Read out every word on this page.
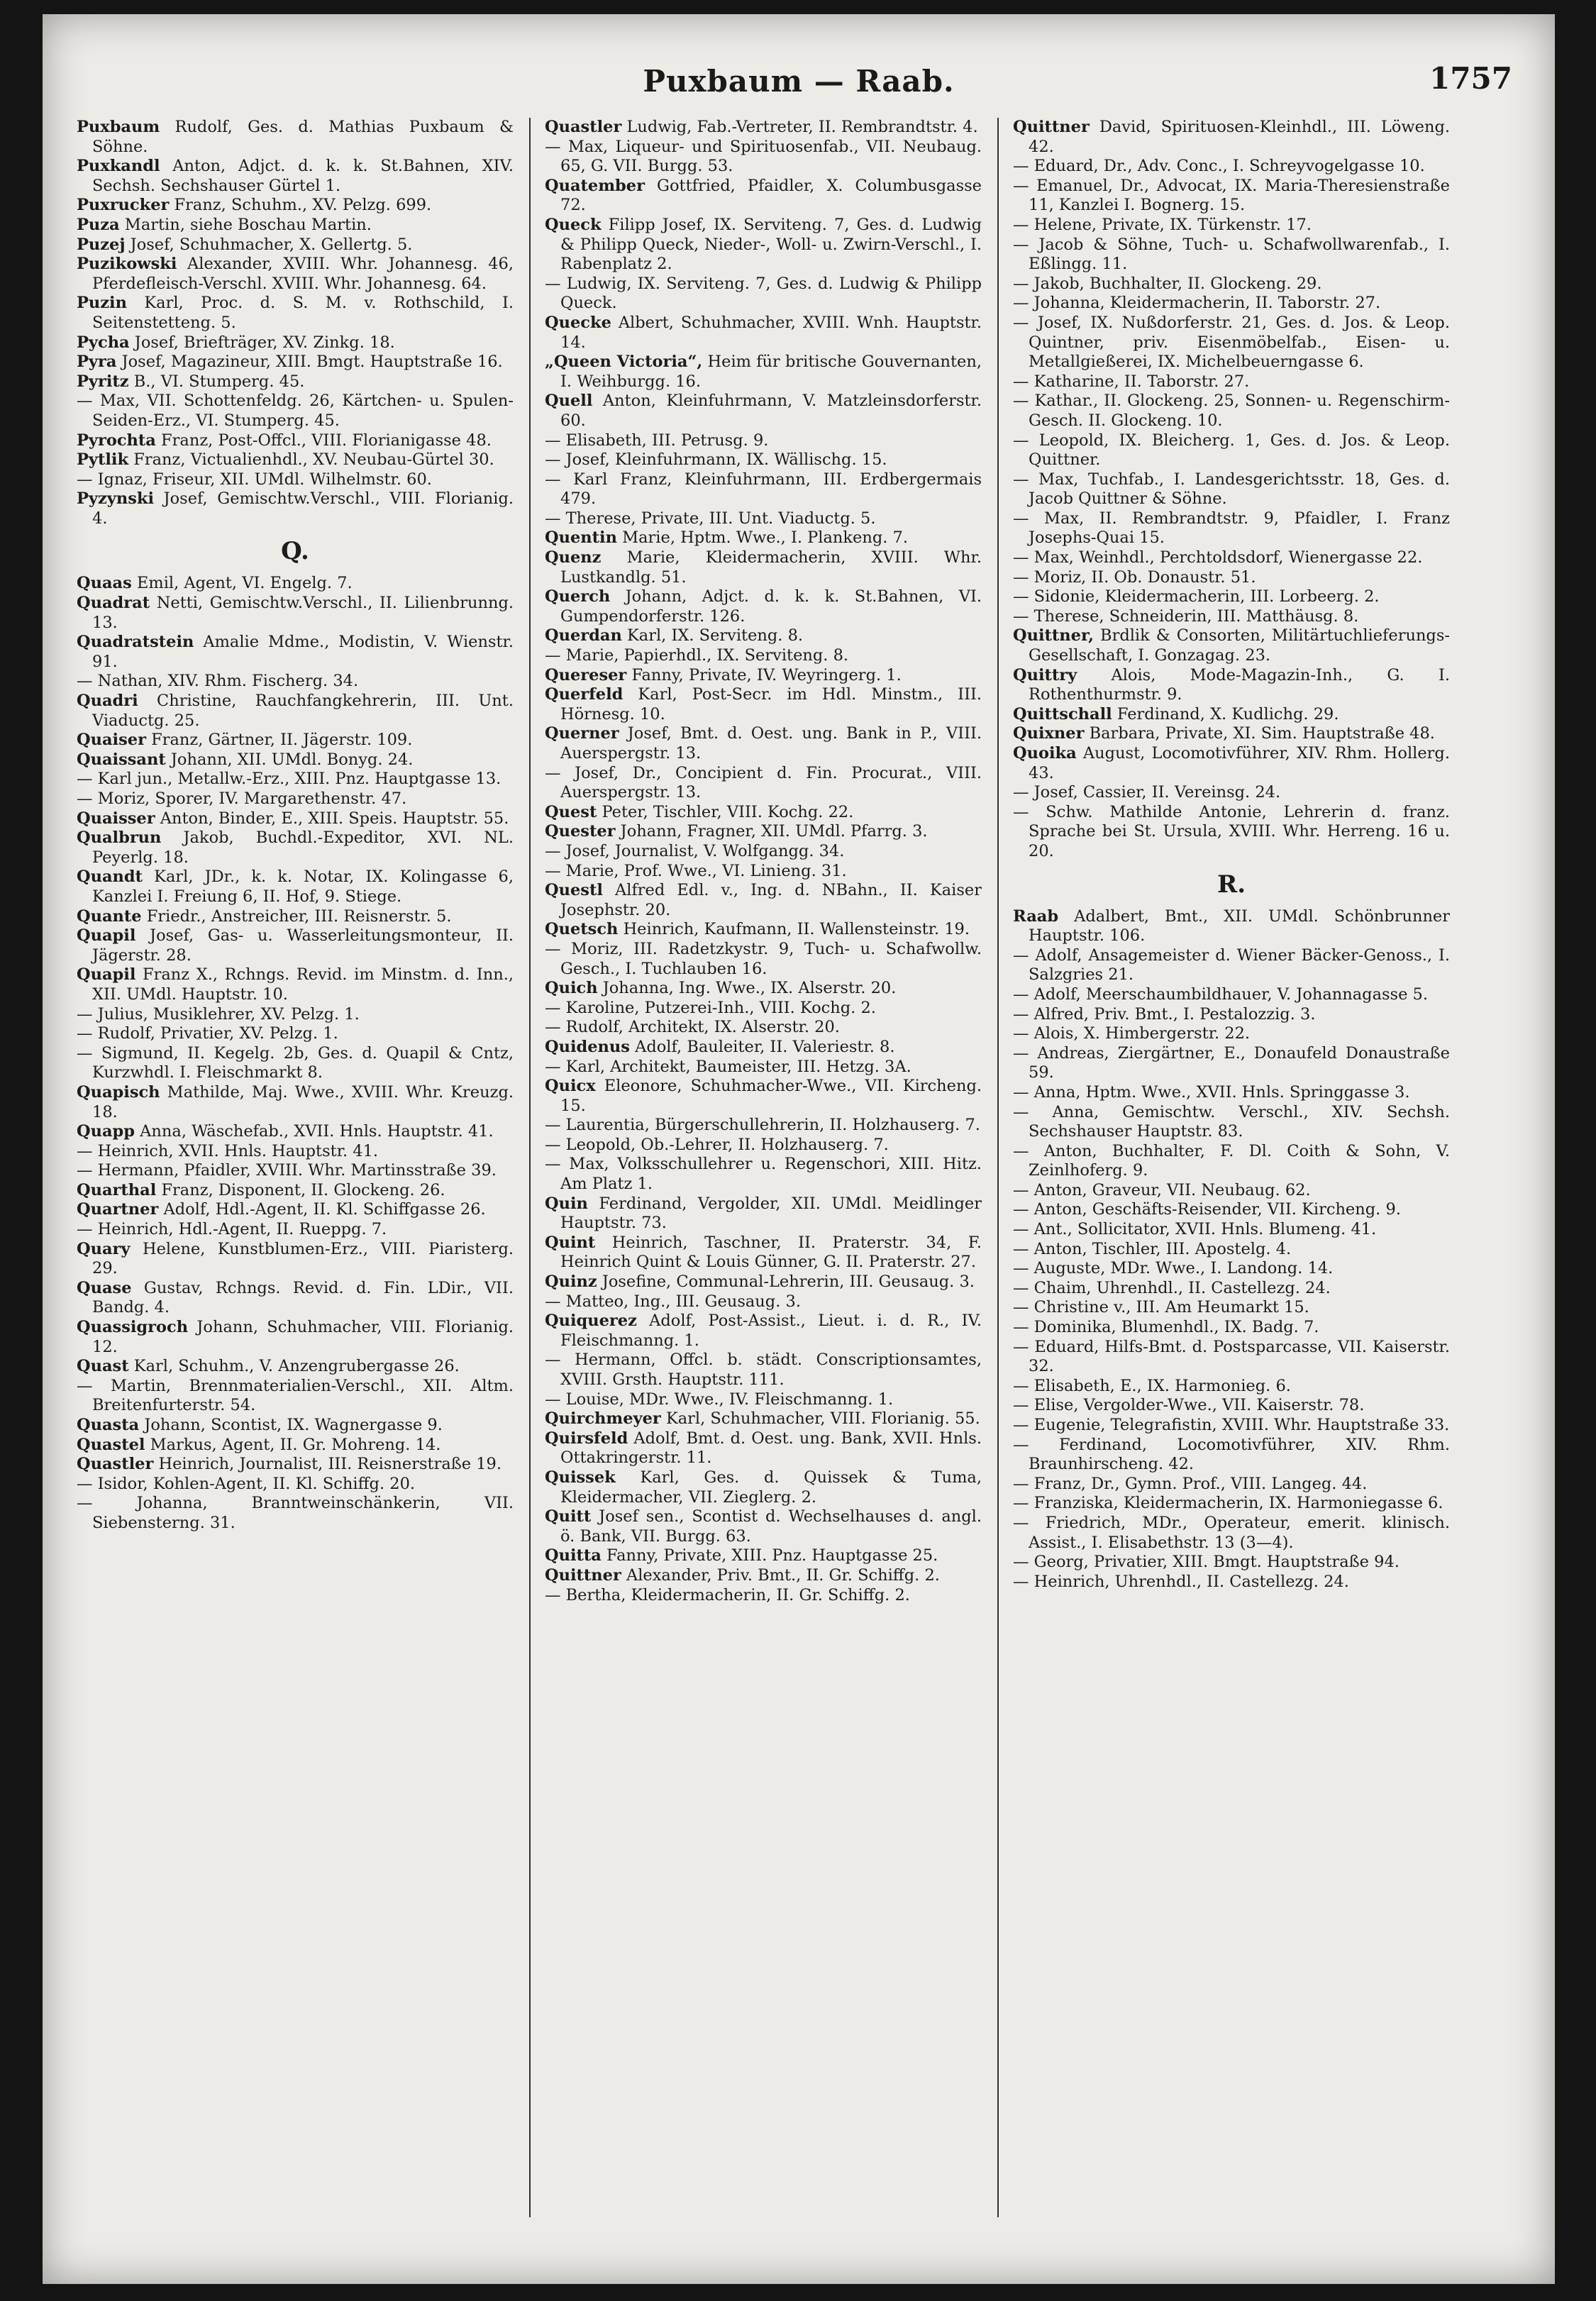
Puxbaum — Raab.	1757

Puxbaum Rudolf, Ges. d. Mathias Puxbaum & Söhne.

Puxkandl Anton, Adjct. d. k. k. St.Bahnen, XIV. Sechsh. Sechshauser Gürtel 1.

Puxrucker Franz, Schuhm., XV. Pelzg. 699.

Puza Martin, siehe Boschau Martin.

Puzej Josef, Schuhmacher, X. Gellertg. 5.

Puzikowski Alexander, XVIII. Whr. Johannesg. 46, Pferdefleisch-Verschl. XVIII. Whr. Johannesg. 64.

Puzin Karl, Proc. d. S. M. v. Rothschild, I. Seitenstetteng. 5.

Pycha Josef, Briefträger, XV. Zinkg. 18.

Pyra Josef, Magazineur, XIII. Bmgt. Hauptstraße 16.

Pyritz B., VI. Stumperg. 45.

— Max, VII. Schottenfeldg. 26, Kärtchen- u. Spulen-Seiden-Erz., VI. Stumperg. 45.

Pyrochta Franz, Post-Offcl., VIII. Florianigasse 48.

Pytlik Franz, Victualienhdl., XV. Neubau-Gürtel 30.

— Ignaz, Friseur, XII. UMdl. Wilhelmstr. 60.

Pyzynski Josef, Gemischtw.Verschl., VIII. Florianig. 4.

Q.

Quaas Emil, Agent, VI. Engelg. 7.

Quadrat Netti, Gemischtw.Verschl., II. Lilienbrunng. 13.

Quadratstein Amalie Mdme., Modistin, V. Wienstr. 91.

— Nathan, XIV. Rhm. Fischerg. 34.

Quadri Christine, Rauchfangkehrerin, III. Unt. Viaductg. 25.

Quaiser Franz, Gärtner, II. Jägerstr. 109.

Quaissant Johann, XII. UMdl. Bonyg. 24.

— Karl jun., Metallw.-Erz., XIII. Pnz. Hauptgasse 13.

— Moriz, Sporer, IV. Margarethenstr. 47.

Quaisser Anton, Binder, E., XIII. Speis. Hauptstr. 55.

Qualbrun Jakob, Buchdl.-Expeditor, XVI. NL. Peyerlg. 18.

Quandt Karl, JDr., k. k. Notar, IX. Kolingasse 6, Kanzlei I. Freiung 6, II. Hof, 9. Stiege.

Quante Friedr., Anstreicher, III. Reisnerstr. 5.

Quapil Josef, Gas- u. Wasserleitungsmonteur, II. Jägerstr. 28.

Quapil Franz X., Rchngs. Revid. im Minstm. d. Inn., XII. UMdl. Hauptstr. 10.

— Julius, Musiklehrer, XV. Pelzg. 1.

— Rudolf, Privatier, XV. Pelzg. 1.

— Sigmund, II. Kegelg. 2b, Ges. d. Quapil & Cntz, Kurzwhdl. I. Fleischmarkt 8.

Quapisch Mathilde, Maj. Wwe., XVIII. Whr. Kreuzg. 18.

Quapp Anna, Wäschefab., XVII. Hnls. Hauptstr. 41.

— Heinrich, XVII. Hnls. Hauptstr. 41.

— Hermann, Pfaidler, XVIII. Whr. Martinsstraße 39.

Quarthal Franz, Disponent, II. Glockeng. 26.

Quartner Adolf, Hdl.-Agent, II. Kl. Schiffgasse 26.

— Heinrich, Hdl.-Agent, II. Rueppg. 7.

Quary Helene, Kunstblumen-Erz., VIII. Piaristerg. 29.

Quase Gustav, Rchngs. Revid. d. Fin. LDir., VII. Bandg. 4.

Quassigroch Johann, Schuhmacher, VIII. Florianig. 12.

Quast Karl, Schuhm., V. Anzengrubergasse 26.

— Martin, Brennmaterialien-Verschl., XII. Altm. Breitenfurterstr. 54.

Quasta Johann, Scontist, IX. Wagnergasse 9.

Quastel Markus, Agent, II. Gr. Mohreng. 14.

Quastler Heinrich, Journalist, III. Reisnerstraße 19.

— Isidor, Kohlen-Agent, II. Kl. Schiffg. 20.

— Johanna, Branntweinschänkerin, VII. Siebensterng. 31.

Quastler Ludwig, Fab.-Vertreter, II. Rembrandtstr. 4.

— Max, Liqueur- und Spirituosenfab., VII. Neubaug. 65, G. VII. Burgg. 53.

Quatember Gottfried, Pfaidler, X. Columbusgasse 72.

Queck Filipp Josef, IX. Serviteng. 7, Ges. d. Ludwig & Philipp Queck, Nieder-, Woll- u. Zwirn-Verschl., I. Rabenplatz 2.

— Ludwig, IX. Serviteng. 7, Ges. d. Ludwig & Philipp Queck.

Quecke Albert, Schuhmacher, XVIII. Wnh. Hauptstr. 14.

„Queen Victoria“, Heim für britische Gouvernanten, I. Weihburgg. 16.

Quell Anton, Kleinfuhrmann, V. Matzleinsdorferstr. 60.

— Elisabeth, III. Petrusg. 9.

— Josef, Kleinfuhrmann, IX. Wällischg. 15.

— Karl Franz, Kleinfuhrmann, III. Erdbergermais 479.

— Therese, Private, III. Unt. Viaductg. 5.

Quentin Marie, Hptm. Wwe., I. Plankeng. 7.

Quenz Marie, Kleidermacherin, XVIII. Whr. Lustkandlg. 51.

Querch Johann, Adjct. d. k. k. St.Bahnen, VI. Gumpendorferstr. 126.

Querdan Karl, IX. Serviteng. 8.

— Marie, Papierhdl., IX. Serviteng. 8.

Quereser Fanny, Private, IV. Weyringerg. 1.

Querfeld Karl, Post-Secr. im Hdl. Minstm., III. Hörnesg. 10.

Querner Josef, Bmt. d. Oest. ung. Bank in P., VIII. Auerspergstr. 13.

— Josef, Dr., Concipient d. Fin. Procurat., VIII. Auerspergstr. 13.

Quest Peter, Tischler, VIII. Kochg. 22.

Quester Johann, Fragner, XII. UMdl. Pfarrg. 3.

— Josef, Journalist, V. Wolfgangg. 34.

— Marie, Prof. Wwe., VI. Linieng. 31.

Questl Alfred Edl. v., Ing. d. NBahn., II. Kaiser Josephstr. 20.

Quetsch Heinrich, Kaufmann, II. Wallensteinstr. 19.

— Moriz, III. Radetzkystr. 9, Tuch- u. Schafwollw. Gesch., I. Tuchlauben 16.

Quich Johanna, Ing. Wwe., IX. Alserstr. 20.

— Karoline, Putzerei-Inh., VIII. Kochg. 2.

— Rudolf, Architekt, IX. Alserstr. 20.

Quidenus Adolf, Bauleiter, II. Valeriestr. 8.

— Karl, Architekt, Baumeister, III. Hetzg. 3A.

Quicx Eleonore, Schuhmacher-Wwe., VII. Kircheng. 15.

— Laurentia, Bürgerschullehrerin, II. Holzhauserg. 7.

— Leopold, Ob.-Lehrer, II. Holzhauserg. 7.

— Max, Volksschullehrer u. Regenschori, XIII. Hitz. Am Platz 1.

Quin Ferdinand, Vergolder, XII. UMdl. Meidlinger Hauptstr. 73.

Quint Heinrich, Taschner, II. Praterstr. 34, F. Heinrich Quint & Louis Günner, G. II. Praterstr. 27.

Quinz Josefine, Communal-Lehrerin, III. Geusaug. 3.

— Matteo, Ing., III. Geusaug. 3.

Quiquerez Adolf, Post-Assist., Lieut. i. d. R., IV. Fleischmanng. 1.

— Hermann, Offcl. b. städt. Conscriptionsamtes, XVIII. Grsth. Hauptstr. 111.

— Louise, MDr. Wwe., IV. Fleischmanng. 1.

Quirchmeyer Karl, Schuhmacher, VIII. Florianig. 55.

Quirsfeld Adolf, Bmt. d. Oest. ung. Bank, XVII. Hnls. Ottakringerstr. 11.

Quissek Karl, Ges. d. Quissek & Tuma, Kleidermacher, VII. Zieglerg. 2.

Quitt Josef sen., Scontist d. Wechselhauses d. angl. ö. Bank, VII. Burgg. 63.

Quitta Fanny, Private, XIII. Pnz. Hauptgasse 25.

Quittner Alexander, Priv. Bmt., II. Gr. Schiffg. 2.

— Bertha, Kleidermacherin, II. Gr. Schiffg. 2.

Quittner David, Spirituosen-Kleinhdl., III. Löweng. 42.

— Eduard, Dr., Adv. Conc., I. Schreyvogelgasse 10.

— Emanuel, Dr., Advocat, IX. Maria-Theresienstraße 11, Kanzlei I. Bognerg. 15.

— Helene, Private, IX. Türkenstr. 17.

— Jacob & Söhne, Tuch- u. Schafwollwarenfab., I. Eßlingg. 11.

— Jakob, Buchhalter, II. Glockeng. 29.

— Johanna, Kleidermacherin, II. Taborstr. 27.

— Josef, IX. Nußdorferstr. 21, Ges. d. Jos. & Leop. Quintner, priv. Eisenmöbelfab., Eisen- u. Metallgießerei, IX. Michelbeuerngasse 6.

— Katharine, II. Taborstr. 27.

— Kathar., II. Glockeng. 25, Sonnen- u. Regenschirm-Gesch. II. Glockeng. 10.

— Leopold, IX. Bleicherg. 1, Ges. d. Jos. & Leop. Quittner.

— Max, Tuchfab., I. Landesgerichtsstr. 18, Ges. d. Jacob Quittner & Söhne.

— Max, II. Rembrandtstr. 9, Pfaidler, I. Franz Josephs-Quai 15.

— Max, Weinhdl., Perchtoldsdorf, Wienergasse 22.

— Moriz, II. Ob. Donaustr. 51.

— Sidonie, Kleidermacherin, III. Lorbeerg. 2.

— Therese, Schneiderin, III. Matthäusg. 8.

Quittner, Brdlik & Consorten, Militärtuchlieferungs-Gesellschaft, I. Gonzagag. 23.

Quittry Alois, Mode-Magazin-Inh., G. I. Rothenthurmstr. 9.

Quittschall Ferdinand, X. Kudlichg. 29.

Quixner Barbara, Private, XI. Sim. Hauptstraße 48.

Quoika August, Locomotivführer, XIV. Rhm. Hollerg. 43.

— Josef, Cassier, II. Vereinsg. 24.

— Schw. Mathilde Antonie, Lehrerin d. franz. Sprache bei St. Ursula, XVIII. Whr. Herreng. 16 u. 20.

R.

Raab Adalbert, Bmt., XII. UMdl. Schönbrunner Hauptstr. 106.

— Adolf, Ansagemeister d. Wiener Bäcker-Genoss., I. Salzgries 21.

— Adolf, Meerschaumbildhauer, V. Johannagasse 5.

— Alfred, Priv. Bmt., I. Pestalozzig. 3.

— Alois, X. Himbergerstr. 22.

— Andreas, Ziergärtner, E., Donaufeld Donaustraße 59.

— Anna, Hptm. Wwe., XVII. Hnls. Springgasse 3.

— Anna, Gemischtw. Verschl., XIV. Sechsh. Sechshauser Hauptstr. 83.

— Anton, Buchhalter, F. Dl. Coith & Sohn, V. Zeinlhoferg. 9.

— Anton, Graveur, VII. Neubaug. 62.

— Anton, Geschäfts-Reisender, VII. Kircheng. 9.

— Ant., Sollicitator, XVII. Hnls. Blumeng. 41.

— Anton, Tischler, III. Apostelg. 4.

— Auguste, MDr. Wwe., I. Landong. 14.

— Chaim, Uhrenhdl., II. Castellezg. 24.

— Christine v., III. Am Heumarkt 15.

— Dominika, Blumenhdl., IX. Badg. 7.

— Eduard, Hilfs-Bmt. d. Postsparcasse, VII. Kaiserstr. 32.

— Elisabeth, E., IX. Harmonieg. 6.

— Elise, Vergolder-Wwe., VII. Kaiserstr. 78.

— Eugenie, Telegrafistin, XVIII. Whr. Hauptstraße 33.

— Ferdinand, Locomotivführer, XIV. Rhm. Braunhirscheng. 42.

— Franz, Dr., Gymn. Prof., VIII. Langeg. 44.

— Franziska, Kleidermacherin, IX. Harmoniegasse 6.

— Friedrich, MDr., Operateur, emerit. klinisch. Assist., I. Elisabethstr. 13 (3—4).

— Georg, Privatier, XIII. Bmgt. Hauptstraße 94.

— Heinrich, Uhrenhdl., II. Castellezg. 24.
